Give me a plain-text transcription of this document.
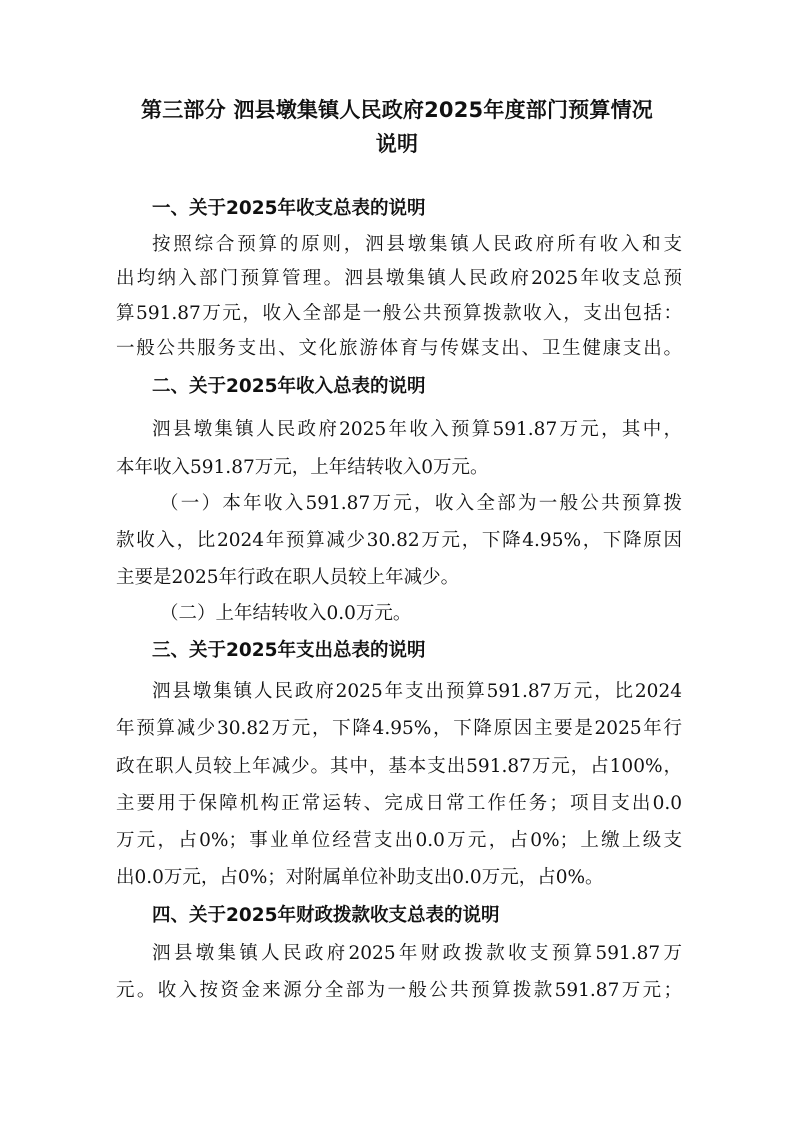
第三部分 泗县墩集镇人民政府2025年度部门预算情况
说明
一、关于2025年收支总表的说明

按照综合预算的原则，泗县墩集镇人民政府所有收入和支

出均纳入部门预算管理。泗县墩集镇人民政府2025年收支总预

算591.87万元，收入全部是一般公共预算拨款收入，支出包括：

一般公共服务支出、文化旅游体育与传媒支出、卫生健康支出。

二、关于2025年收入总表的说明

泗县墩集镇人民政府2025年收入预算591.87万元，其中，

本年收入591.87万元，上年结转收入0万元。

（一）本年收入591.87万元，收入全部为一般公共预算拨

款收入，比2024年预算减少30.82万元，下降4.95%，下降原因

主要是2025年行政在职人员较上年减少。

（二）上年结转收入0.0万元。

三、关于2025年支出总表的说明

泗县墩集镇人民政府2025年支出预算591.87万元，比2024

年预算减少30.82万元，下降4.95%，下降原因主要是2025年行

政在职人员较上年减少。其中，基本支出591.87万元，占100%，

主要用于保障机构正常运转、完成日常工作任务；项目支出0.0

万元，占0%；事业单位经营支出0.0万元，占0%；上缴上级支

出0.0万元，占0%；对附属单位补助支出0.0万元，占0%。

四、关于2025年财政拨款收支总表的说明

泗县墩集镇人民政府2025年财政拨款收支预算591.87万

元。收入按资金来源分全部为一般公共预算拨款591.87万元；
